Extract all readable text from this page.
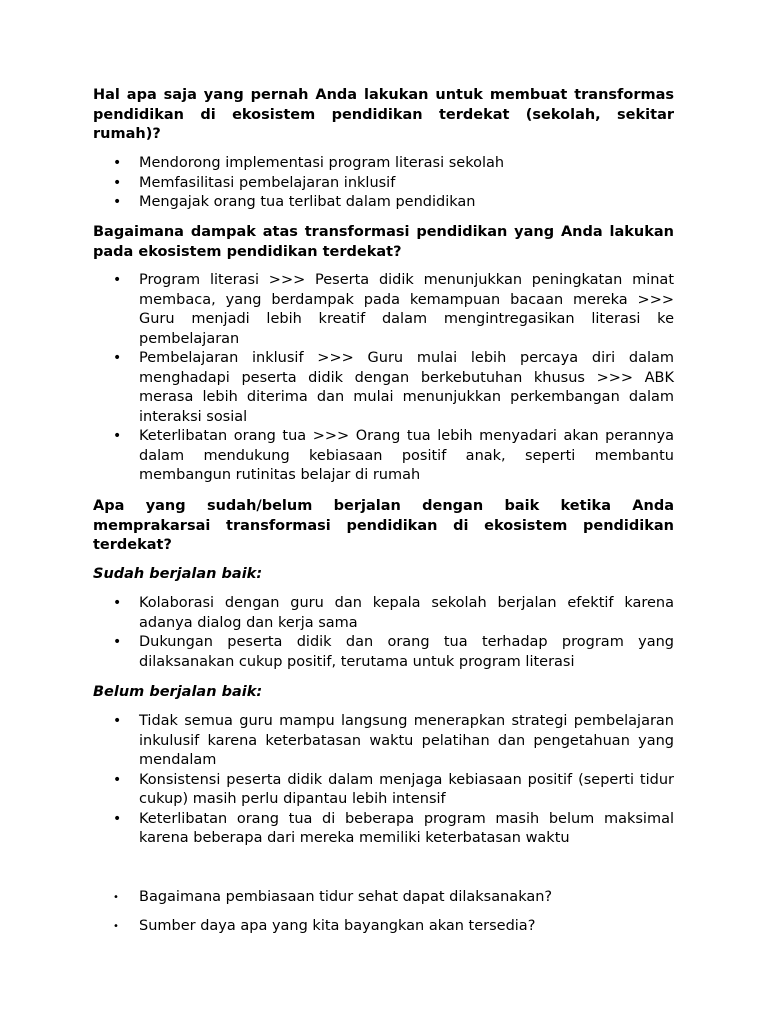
Hal apa saja yang pernah Anda lakukan untuk membuat transformas pendidikan di ekosistem pendidikan terdekat (sekolah, sekitar rumah)?

• Mendorong implementasi program literasi sekolah
• Memfasilitasi pembelajaran inklusif
• Mengajak orang tua terlibat dalam pendidikan

Bagaimana dampak atas transformasi pendidikan yang Anda lakukan pada ekosistem pendidikan terdekat?

• Program literasi >>> Peserta didik menunjukkan peningkatan minat membaca, yang berdampak pada kemampuan bacaan mereka >>> Guru menjadi lebih kreatif dalam mengintregasikan literasi ke pembelajaran
• Pembelajaran inklusif >>> Guru mulai lebih percaya diri dalam menghadapi peserta didik dengan berkebutuhan khusus >>> ABK merasa lebih diterima dan mulai menunjukkan perkembangan dalam interaksi sosial
• Keterlibatan orang tua >>> Orang tua lebih menyadari akan perannya dalam mendukung kebiasaan positif anak, seperti membantu membangun rutinitas belajar di rumah

Apa yang sudah/belum berjalan dengan baik ketika Anda memprakarsai transformasi pendidikan di ekosistem pendidikan terdekat?

Sudah berjalan baik:

• Kolaborasi dengan guru dan kepala sekolah berjalan efektif karena adanya dialog dan kerja sama
• Dukungan peserta didik dan orang tua terhadap program yang dilaksanakan cukup positif, terutama untuk program literasi

Belum berjalan baik:

• Tidak semua guru mampu langsung menerapkan strategi pembelajaran inkulusif karena keterbatasan waktu pelatihan dan pengetahuan yang mendalam
• Konsistensi peserta didik dalam menjaga kebiasaan positif (seperti tidur cukup) masih perlu dipantau lebih intensif
• Keterlibatan orang tua di beberapa program masih belum maksimal karena beberapa dari mereka memiliki keterbatasan waktu
• Bagaimana pembiasaan tidur sehat dapat dilaksanakan?
• Sumber daya apa yang kita bayangkan akan tersedia?
